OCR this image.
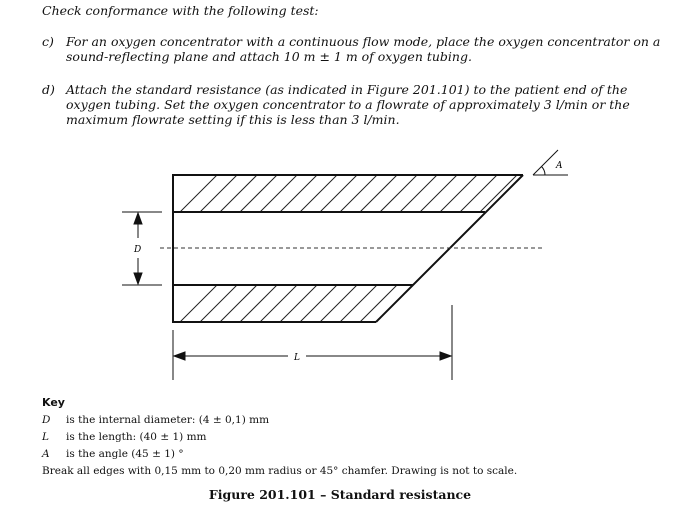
Check conformance with the following test:
c) For an oxygen concentrator with a continuous flow mode, place the oxygen concentrator on a sound-reflecting plane and attach 10 m ± 1 m of oxygen tubing.
d) Attach the standard resistance (as indicated in Figure 201.101) to the patient end of the oxygen tubing. Set the oxygen concentrator to a flowrate of approximately 3 l/min or the maximum flowrate setting if this is less than 3 l/min.
D
L
A
Key
D is the internal diameter: (4 ± 0,1) mm
L is the length: (40 ± 1) mm
A is the angle (45 ± 1) °
Break all edges with 0,15 mm to 0,20 mm radius or 45° chamfer. Drawing is not to scale.
Figure 201.101 – Standard resistance
